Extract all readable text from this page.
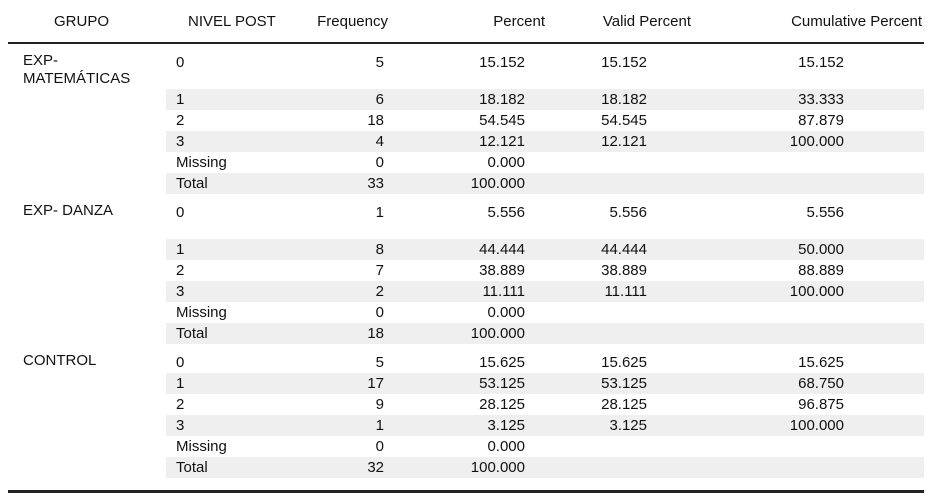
GRUPO	NIVEL POST	Frequency	Percent	Valid Percent	Cumulative Percent
EXP- MATEMÁTICAS	0	5	15.152	15.152	15.152
	1	6	18.182	18.182	33.333
	2	18	54.545	54.545	87.879
	3	4	12.121	12.121	100.000
	Missing	0	0.000		
	Total	33	100.000		
EXP- DANZA	0	1	5.556	5.556	5.556
	1	8	44.444	44.444	50.000
	2	7	38.889	38.889	88.889
	3	2	11.111	11.111	100.000
	Missing	0	0.000		
	Total	18	100.000		
CONTROL	0	5	15.625	15.625	15.625
	1	17	53.125	53.125	68.750
	2	9	28.125	28.125	96.875
	3	1	3.125	3.125	100.000
	Missing	0	0.000		
	Total	32	100.000		
